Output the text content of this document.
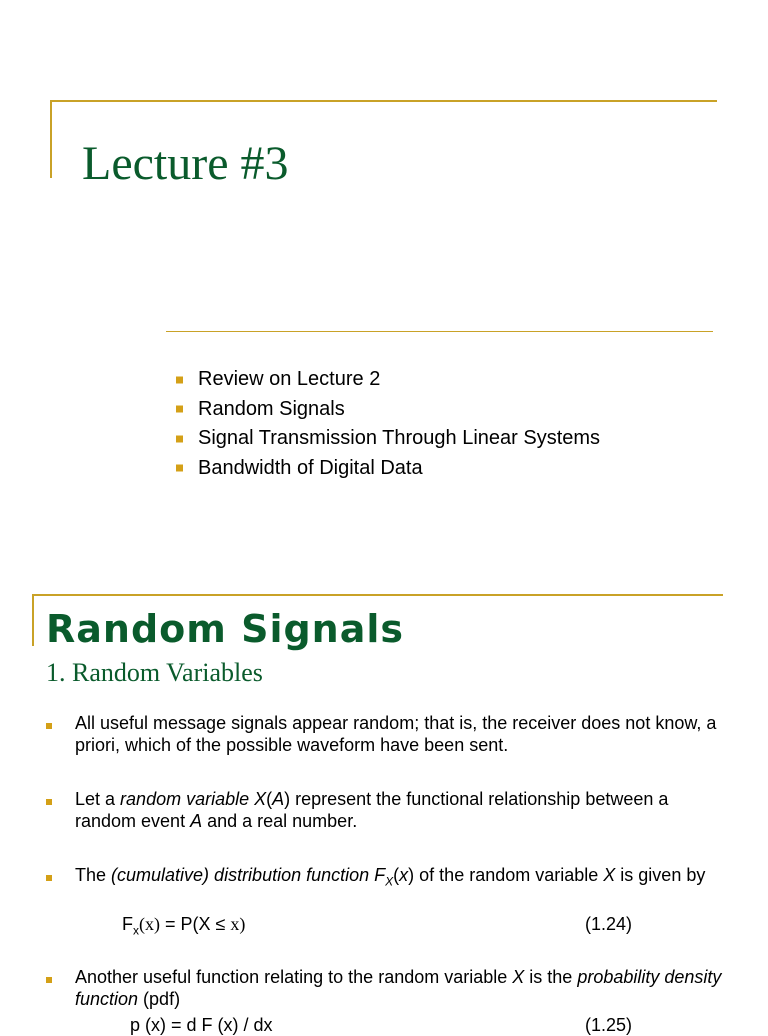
Lecture #3
Review on Lecture 2
Random Signals
Signal Transmission Through Linear Systems
Bandwidth of Digital Data
Random Signals
1. Random Variables
All useful message signals appear random; that is, the receiver does not know, a priori, which of the possible waveform have been sent.
Let a random variable X(A) represent the functional relationship between a random event A and a real number.
The (cumulative) distribution function $F_X(x)$ of the random variable X is given by
$F_x(x) = P(X \le x)$	(1.24)
Another useful function relating to the random variable X is the probability density function (pdf)
p (x) = d F (x) / dx	(1.25)
